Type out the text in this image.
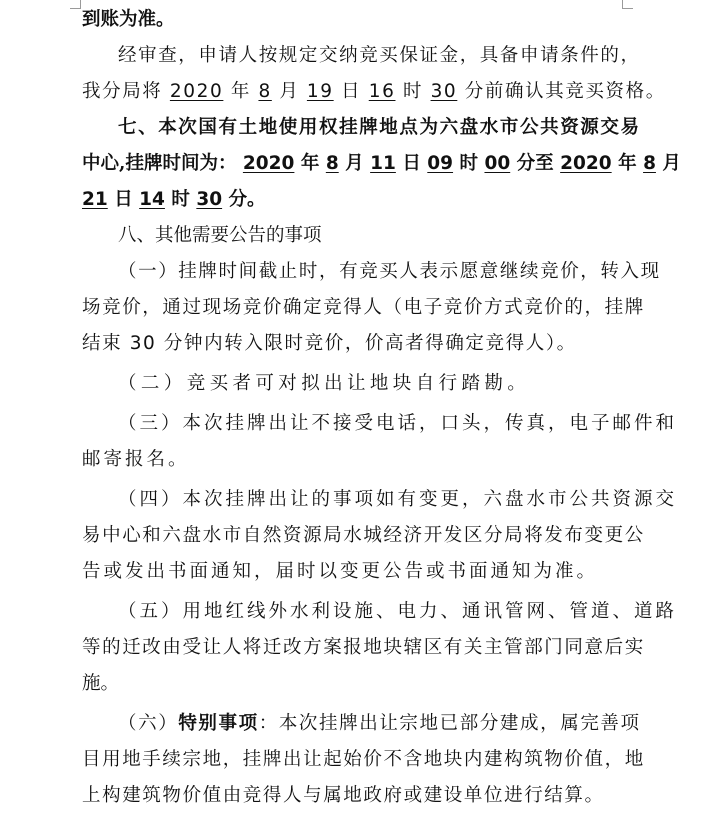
到账为准。
经审查，申请人按规定交纳竞买保证金，具备申请条件的，
我分局将 2020 年 8 月 19 日 16 时 30 分前确认其竞买资格。
七、本次国有土地使用权挂牌地点为六盘水市公共资源交易
中心,挂牌时间为： 2020 年 8 月 11 日 09 时 00 分至 2020 年 8 月
21 日 14 时 30 分。
八、其他需要公告的事项
（一）挂牌时间截止时，有竞买人表示愿意继续竞价，转入现
场竞价，通过现场竞价确定竞得人（电子竞价方式竞价的，挂牌
结束 30 分钟内转入限时竞价，价高者得确定竞得人）。
（二）竞买者可对拟出让地块自行踏勘。
（三）本次挂牌出让不接受电话，口头，传真，电子邮件和
邮寄报名。
（四）本次挂牌出让的事项如有变更，六盘水市公共资源交
易中心和六盘水市自然资源局水城经济开发区分局将发布变更公
告或发出书面通知，届时以变更公告或书面通知为准。
（五）用地红线外水利设施、电力、通讯管网、管道、道路
等的迁改由受让人将迁改方案报地块辖区有关主管部门同意后实
施。
（六）特别事项：本次挂牌出让宗地已部分建成，属完善项
目用地手续宗地，挂牌出让起始价不含地块内建构筑物价值，地
上构建筑物价值由竞得人与属地政府或建设单位进行结算。
